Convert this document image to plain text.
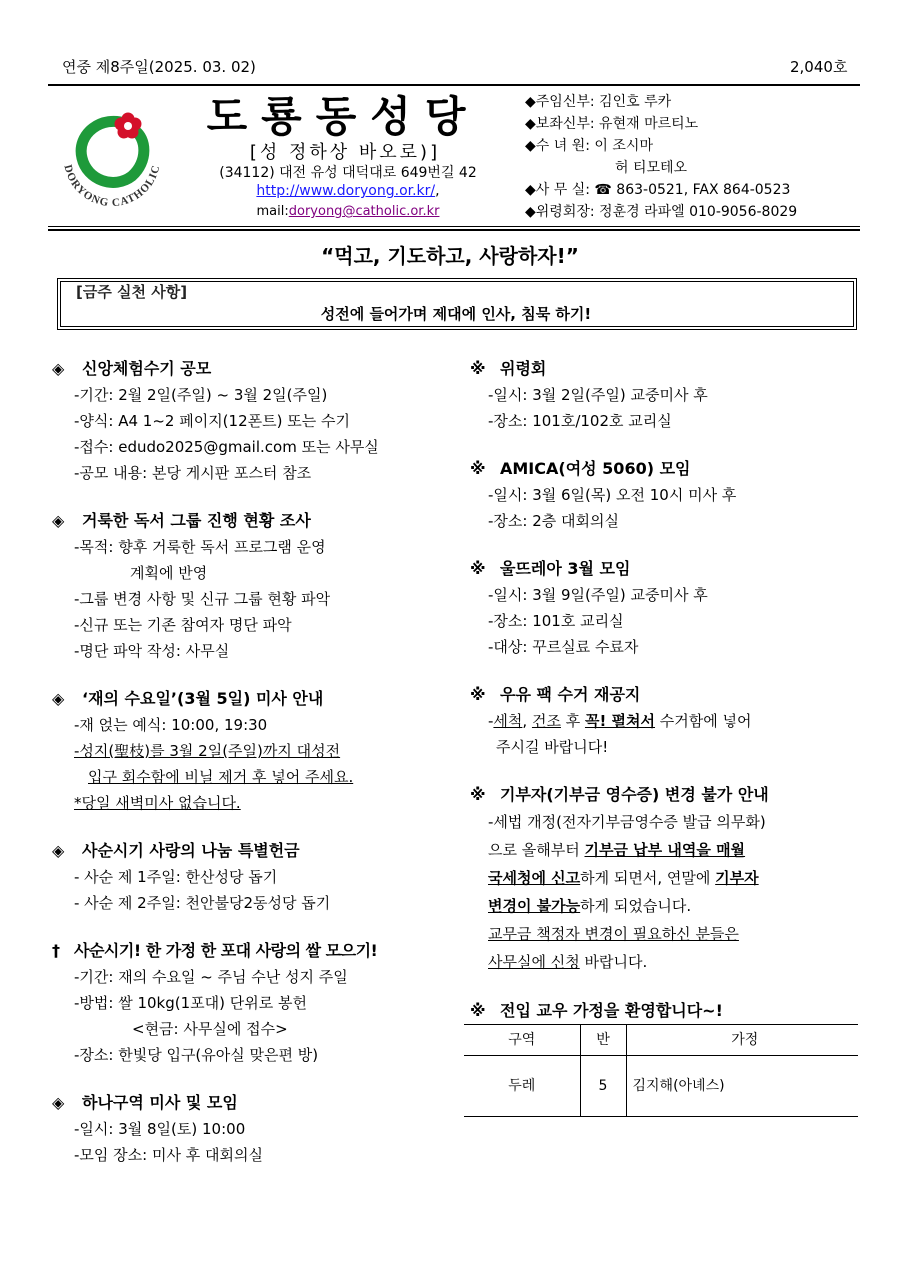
연중 제8주일(2025. 03. 02)	2,040호
DORYONG CATHOLIC
도룡동성당
[성 정하상 바오로)]
(34112) 대전 유성 대덕대로 649번길 42
http://www.doryong.or.kr/,
mail:doryong@catholic.or.kr
◆주임신부: 김인호 루카
◆보좌신부: 유현재 마르티노
◆수 녀 원: 이 조시마
허 티모테오
◆사 무 실: ☎ 863-0521, FAX 864-0523
◆위령회장: 정훈경 라파엘 010-9056-8029
“먹고, 기도하고, 사랑하자!”
[금주 실천 사항]
성전에 들어가며 제대에 인사, 침묵 하기!
◈ 신앙체험수기 공모
-기간: 2월 2일(주일) ~ 3월 2일(주일)
-양식: A4 1~2 페이지(12폰트) 또는 수기
-접수: edudo2025@gmail.com 또는 사무실
-공모 내용: 본당 게시판 포스터 참조
◈ 거룩한 독서 그룹 진행 현황 조사
-목적: 향후 거룩한 독서 프로그램 운영
계획에 반영
-그룹 변경 사항 및 신규 그룹 현황 파악
-신규 또는 기존 참여자 명단 파악
-명단 파악 작성: 사무실
◈ ‘재의 수요일’(3월 5일) 미사 안내
-재 얹는 예식: 10:00, 19:30
-성지(聖枝)를 3월 2일(주일)까지 대성전
입구 회수함에 비닐 제거 후 넣어 주세요.
*당일 새벽미사 없습니다.
◈ 사순시기 사랑의 나눔 특별헌금
- 사순 제 1주일: 한산성당 돕기
- 사순 제 2주일: 천안불당2동성당 돕기
† 사순시기! 한 가정 한 포대 사랑의 쌀 모으기!
-기간: 재의 수요일 ~ 주님 수난 성지 주일
-방법: 쌀 10kg(1포대) 단위로 봉헌
<현금: 사무실에 접수>
-장소: 한빛당 입구(유아실 맞은편 방)
◈ 하나구역 미사 및 모임
-일시: 3월 8일(토) 10:00
-모임 장소: 미사 후 대회의실
※ 위령회
-일시: 3월 2일(주일) 교중미사 후
-장소: 101호/102호 교리실
※ AMICA(여성 5060) 모임
-일시: 3월 6일(목) 오전 10시 미사 후
-장소: 2층 대회의실
※ 울뜨레아 3월 모임
-일시: 3월 9일(주일) 교중미사 후
-장소: 101호 교리실
-대상: 꾸르실료 수료자
※ 우유 팩 수거 재공지
-세척, 건조 후 꼭! 펼쳐서 수거함에 넣어
주시길 바랍니다!
※ 기부자(기부금 영수증) 변경 불가 안내
-세법 개정(전자기부금영수증 발급 의무화)
으로 올해부터 기부금 납부 내역을 매월
국세청에 신고하게 되면서, 연말에 기부자
변경이 불가능하게 되었습니다.
교무금 책정자 변경이 필요하신 분들은
사무실에 신청 바랍니다.
※ 전입 교우 가정을 환영합니다~!
구역	반	가정
두레	5	김지해(아녜스)
